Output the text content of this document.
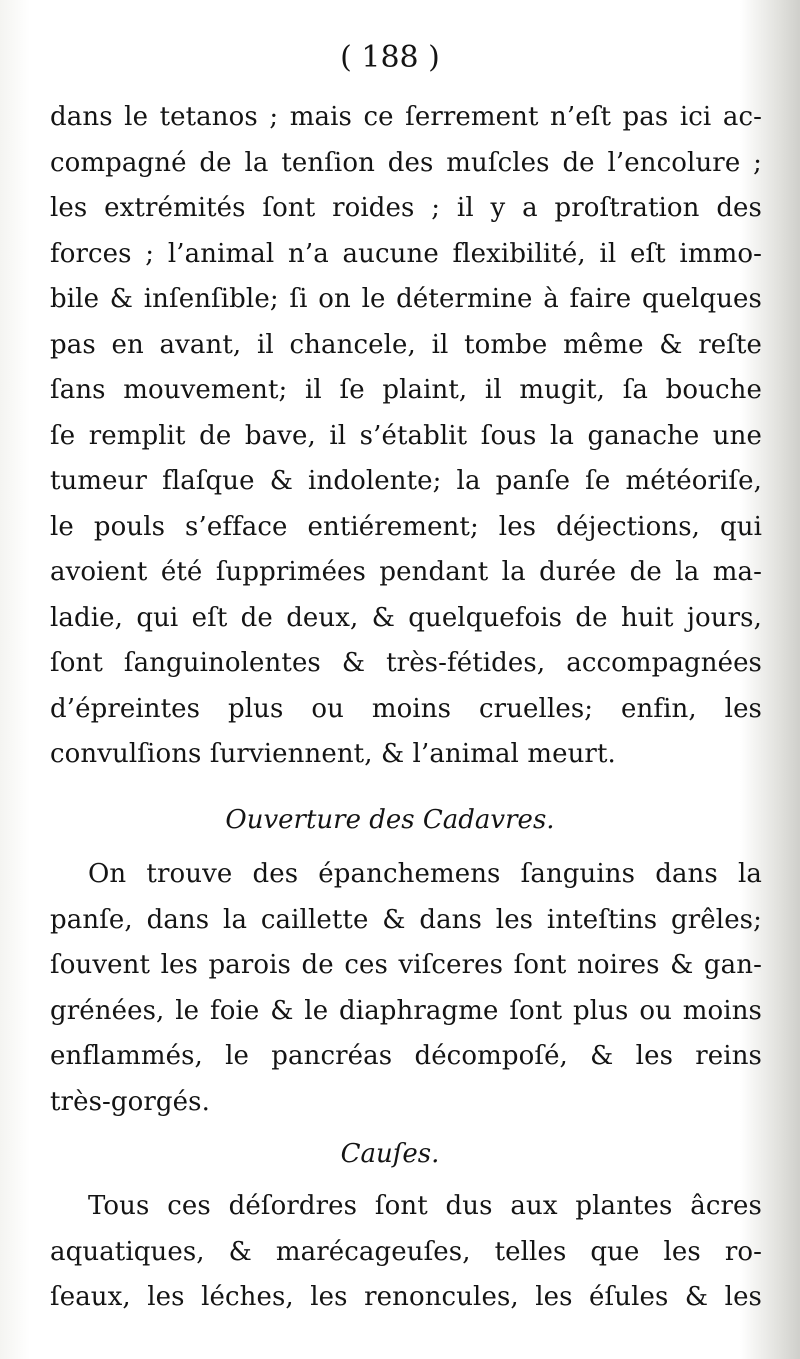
( 188 )
dans le tetanos ; mais ce ſerrement n’eſt pas ici ac-
compagné de la tenſion des muſcles de l’encolure ;
les extrémités ſont roides ; il y a proſtration des
forces ; l’animal n’a aucune flexibilité, il eſt immo-
bile & inſenſible; ſi on le détermine à faire quelques
pas en avant, il chancele, il tombe même & reſte
ſans mouvement; il ſe plaint, il mugit, ſa bouche
ſe remplit de bave, il s’établit ſous la ganache une
tumeur flaſque & indolente; la panſe ſe météoriſe,
le pouls s’efface entiérement; les déjections, qui
avoient été ſupprimées pendant la durée de la ma-
ladie, qui eſt de deux, & quelquefois de huit jours,
ſont ſanguinolentes & très-fétides, accompagnées
d’épreintes plus ou moins cruelles; enfin, les
convulſions ſurviennent, & l’animal meurt.
Ouverture des Cadavres.
On trouve des épanchemens ſanguins dans la
panſe, dans la caillette & dans les inteſtins grêles;
ſouvent les parois de ces viſceres ſont noires & gan-
grénées, le foie & le diaphragme ſont plus ou moins
enflammés, le pancréas décompoſé, & les reins
très-gorgés.
Cauſes.
Tous ces déſordres ſont dus aux plantes âcres
aquatiques, & marécageuſes, telles que les ro-
ſeaux, les léches, les renoncules, les éſules & les
